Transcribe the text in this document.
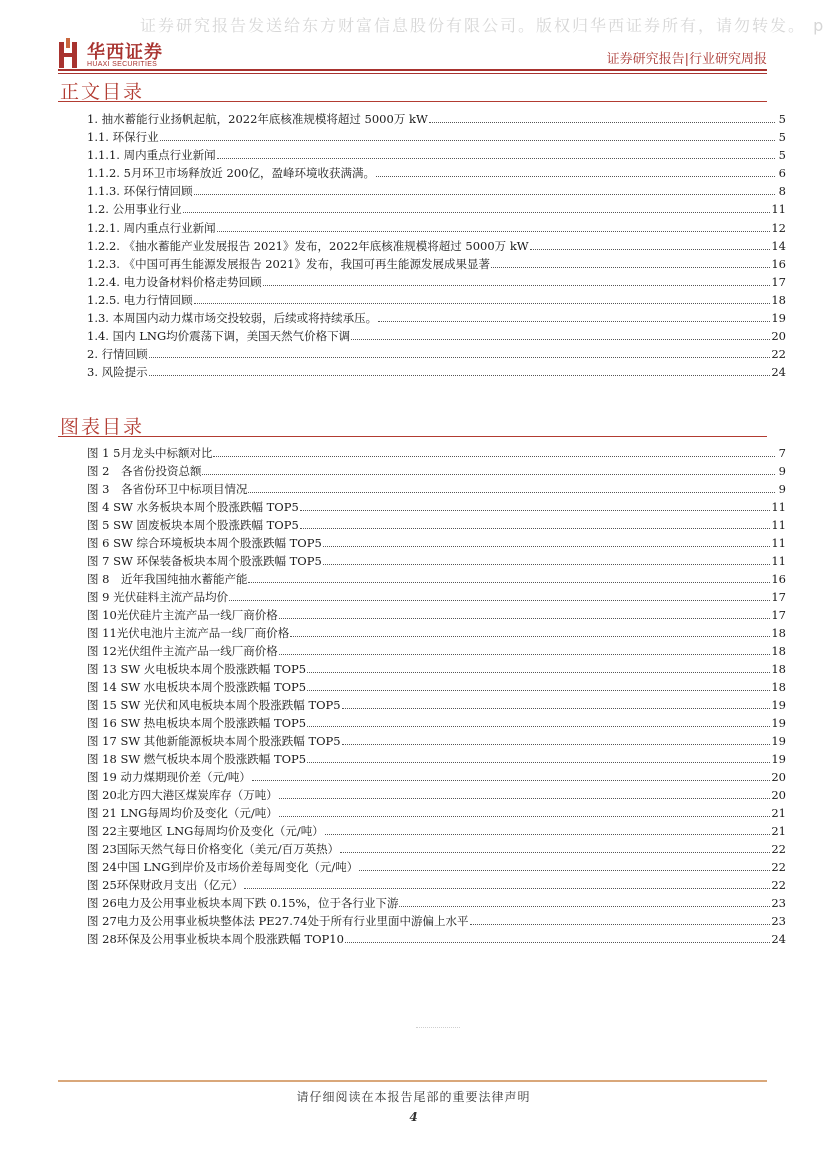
证券研究报告发送给东方财富信息股份有限公司。版权归华西证券所有，请勿转发。 p
华西证券
HUAXI SECURITIES	证券研究报告|行业研究周报
正文目录
1. 抽水蓄能行业扬帆起航，2022年底核准规模将超过 5000万 kW	5
1.1. 环保行业	5
1.1.1. 周内重点行业新闻	5
1.1.2. 5月环卫市场释放近 200亿，盈峰环境收获满满。	6
1.1.3. 环保行情回顾	8
1.2. 公用事业行业	11
1.2.1. 周内重点行业新闻	12
1.2.2. 《抽水蓄能产业发展报告 2021》发布，2022年底核准规模将超过 5000万 kW	14
1.2.3. 《中国可再生能源发展报告 2021》发布，我国可再生能源发展成果显著	16
1.2.4. 电力设备材料价格走势回顾	17
1.2.5. 电力行情回顾	18
1.3. 本周国内动力煤市场交投较弱，后续或将持续承压。	19
1.4. 国内 LNG均价震荡下调，美国天然气价格下调	20
2. 行情回顾	22
3. 风险提示	24
图表目录
图 1 5月龙头中标额对比	7
图 2　各省份投资总额	9
图 3　各省份环卫中标项目情况	9
图 4 SW 水务板块本周个股涨跌幅 TOP5	11
图 5 SW 固废板块本周个股涨跌幅 TOP5	11
图 6 SW 综合环境板块本周个股涨跌幅 TOP5	11
图 7 SW 环保装备板块本周个股涨跌幅 TOP5	11
图 8　近年我国纯抽水蓄能产能	16
图 9 光伏硅料主流产品均价	17
图 10光伏硅片主流产品一线厂商价格	17
图 11光伏电池片主流产品一线厂商价格	18
图 12光伏组件主流产品一线厂商价格	18
图 13 SW 火电板块本周个股涨跌幅 TOP5	18
图 14 SW 水电板块本周个股涨跌幅 TOP5	18
图 15 SW 光伏和风电板块本周个股涨跌幅 TOP5	19
图 16 SW 热电板块本周个股涨跌幅 TOP5	19
图 17 SW 其他新能源板块本周个股涨跌幅 TOP5	19
图 18 SW 燃气板块本周个股涨跌幅 TOP5	19
图 19 动力煤期现价差（元/吨）	20
图 20北方四大港区煤炭库存（万吨）	20
图 21 LNG每周均价及变化（元/吨）	21
图 22主要地区 LNG每周均价及变化（元/吨）	21
图 23国际天然气每日价格变化（美元/百万英热）	22
图 24中国 LNG到岸价及市场价差每周变化（元/吨）	22
图 25环保财政月支出（亿元）	22
图 26电力及公用事业板块本周下跌 0.15%，位于各行业下游	23
图 27电力及公用事业板块整体法 PE27.74处于所有行业里面中游偏上水平	23
图 28环保及公用事业板块本周个股涨跌幅 TOP10	24
请仔细阅读在本报告尾部的重要法律声明
4
